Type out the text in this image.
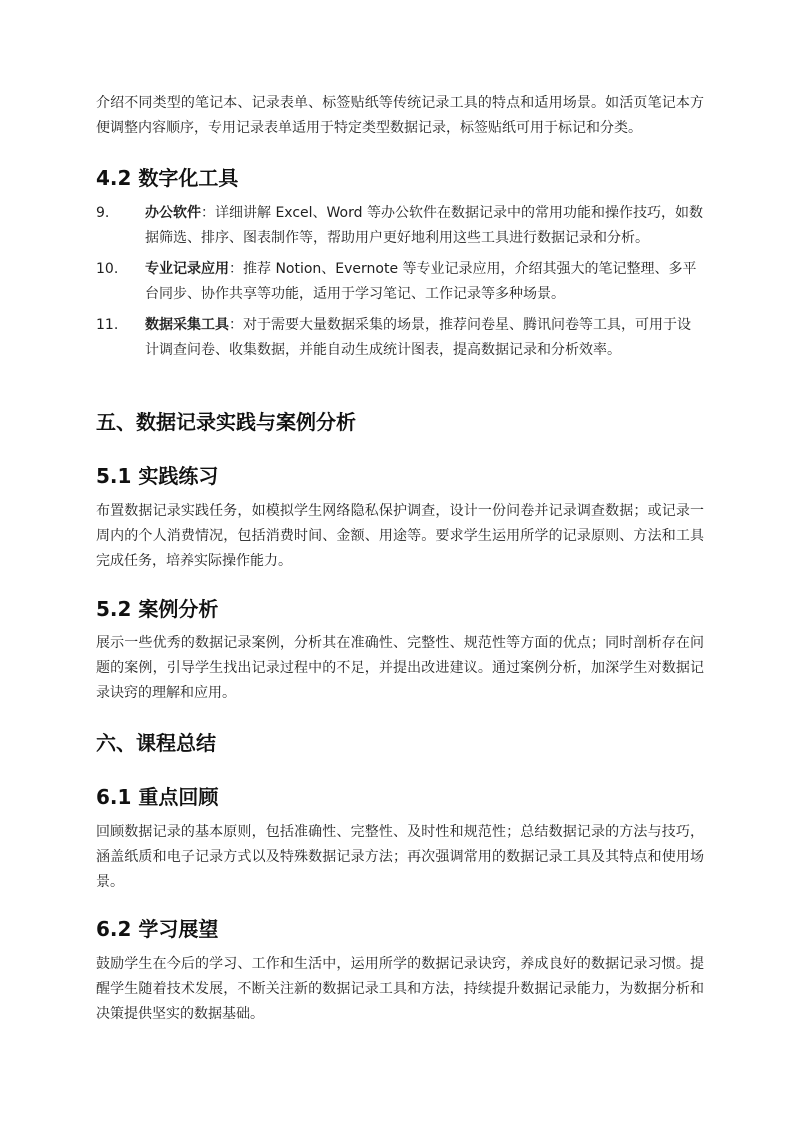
介绍不同类型的笔记本、记录表单、标签贴纸等传统记录工具的特点和适用场景。如活页笔记本方便调整内容顺序，专用记录表单适用于特定类型数据记录，标签贴纸可用于标记和分类。

4.2 数字化工具
9.	办公软件：详细讲解 Excel、Word 等办公软件在数据记录中的常用功能和操作技巧，如数据筛选、排序、图表制作等，帮助用户更好地利用这些工具进行数据记录和分析。
10. 专业记录应用：推荐 Notion、Evernote 等专业记录应用，介绍其强大的笔记整理、多平台同步、协作共享等功能，适用于学习笔记、工作记录等多种场景。
11. 数据采集工具：对于需要大量数据采集的场景，推荐问卷星、腾讯问卷等工具，可用于设计调查问卷、收集数据，并能自动生成统计图表，提高数据记录和分析效率。
五、数据记录实践与案例分析
5.1 实践练习

布置数据记录实践任务，如模拟学生网络隐私保护调查，设计一份问卷并记录调查数据；或记录一周内的个人消费情况，包括消费时间、金额、用途等。要求学生运用所学的记录原则、方法和工具完成任务，培养实际操作能力。

5.2 案例分析

展示一些优秀的数据记录案例，分析其在准确性、完整性、规范性等方面的优点；同时剖析存在问题的案例，引导学生找出记录过程中的不足，并提出改进建议。通过案例分析，加深学生对数据记录诀窍的理解和应用。

六、课程总结
6.1 重点回顾

回顾数据记录的基本原则，包括准确性、完整性、及时性和规范性；总结数据记录的方法与技巧，涵盖纸质和电子记录方式以及特殊数据记录方法；再次强调常用的数据记录工具及其特点和使用场景。

6.2 学习展望

鼓励学生在今后的学习、工作和生活中，运用所学的数据记录诀窍，养成良好的数据记录习惯。提醒学生随着技术发展，不断关注新的数据记录工具和方法，持续提升数据记录能力，为数据分析和决策提供坚实的数据基础。
